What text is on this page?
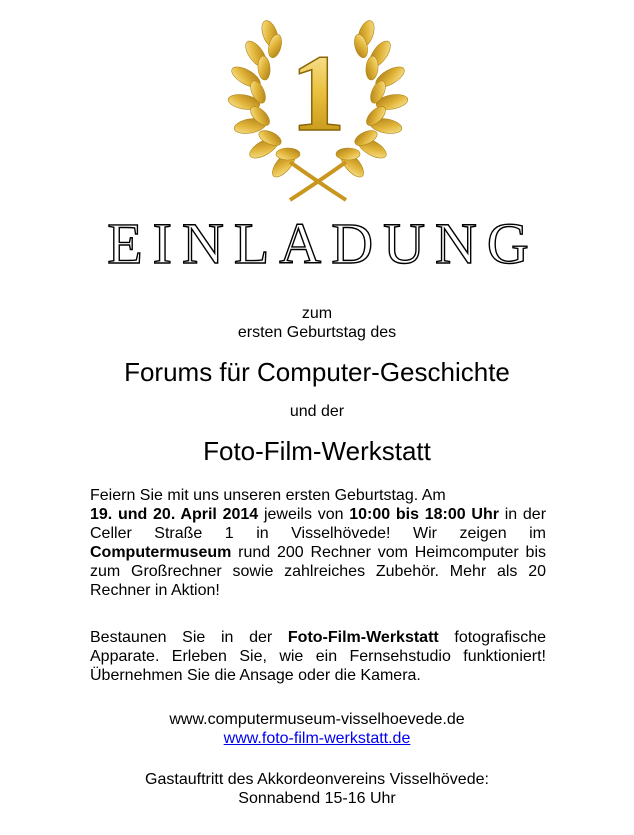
1
EINLADUNG
zum
ersten Geburtstag des
Forums für Computer-Geschichte
und der
Foto-Film-Werkstatt
Feiern Sie mit uns unseren ersten Geburtstag. Am
19. und 20. April 2014 jeweils von 10:00 bis 18:00 Uhr in der Celler Straße 1 in Visselhövede! Wir zeigen im Computermuseum rund 200 Rechner vom Heimcomputer bis zum Großrechner sowie zahlreiches Zubehör. Mehr als 20 Rechner in Aktion!
Bestaunen Sie in der Foto-Film-Werkstatt fotografische Apparate. Erleben Sie, wie ein Fernsehstudio funktioniert! Übernehmen Sie die Ansage oder die Kamera.
www.computermuseum-visselhoevede.de
www.foto-film-werkstatt.de
Gastauftritt des Akkordeonvereins Visselhövede:
Sonnabend 15-16 Uhr
